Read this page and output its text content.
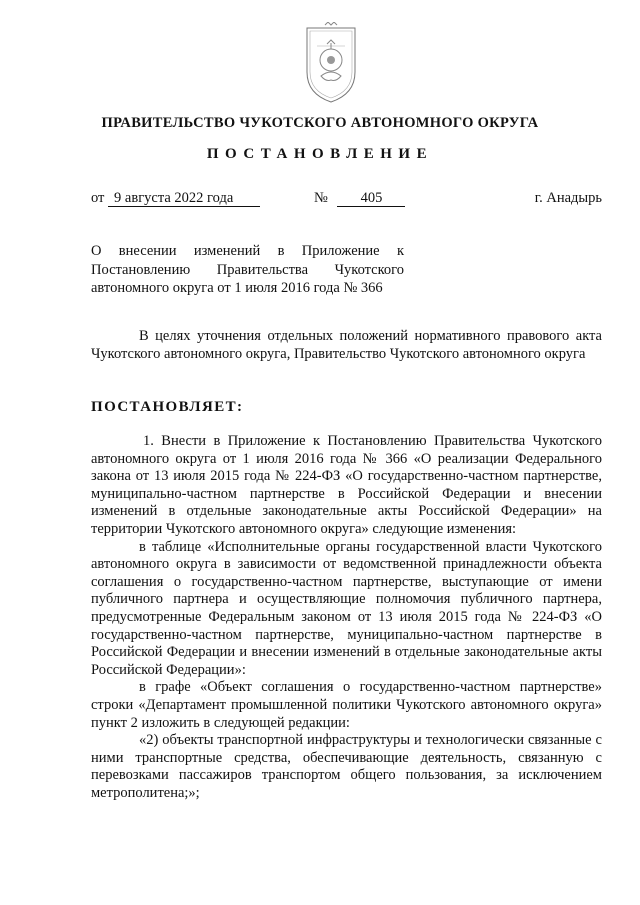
ПРАВИТЕЛЬСТВО ЧУКОТСКОГО АВТОНОМНОГО ОКРУГА
ПОСТАНОВЛЕНИЕ
от 9 августа 2022 года	№ 405	г. Анадырь
О внесении изменений в Приложение к Постановлению Правительства Чукотского автономного округа от 1 июля 2016 года № 366

В целях уточнения отдельных положений нормативного правового акта Чукотского автономного округа, Правительство Чукотского автономного округа

ПОСТАНОВЛЯЕТ:

1. Внести в Приложение к Постановлению Правительства Чукотского автономного округа от 1 июля 2016 года № 366 «О реализации Федерального закона от 13 июля 2015 года № 224-ФЗ «О государственно-частном партнерстве, муниципально-частном партнерстве в Российской Федерации и внесении изменений в отдельные законодательные акты Российской Федерации» на территории Чукотского автономного округа» следующие изменения:

в таблице «Исполнительные органы государственной власти Чукотского автономного округа в зависимости от ведомственной принадлежности объекта соглашения о государственно-частном партнерстве, выступающие от имени публичного партнера и осуществляющие полномочия публичного партнера, предусмотренные Федеральным законом от 13 июля 2015 года № 224-ФЗ «О государственно-частном партнерстве, муниципально-частном партнерстве в Российской Федерации и внесении изменений в отдельные законодательные акты Российской Федерации»:

в графе «Объект соглашения о государственно-частном партнерстве» строки «Департамент промышленной политики Чукотского автономного округа» пункт 2 изложить в следующей редакции:

«2) объекты транспортной инфраструктуры и технологически связанные с ними транспортные средства, обеспечивающие деятельность, связанную с перевозками пассажиров транспортом общего пользования, за исключением метрополитена;»;
